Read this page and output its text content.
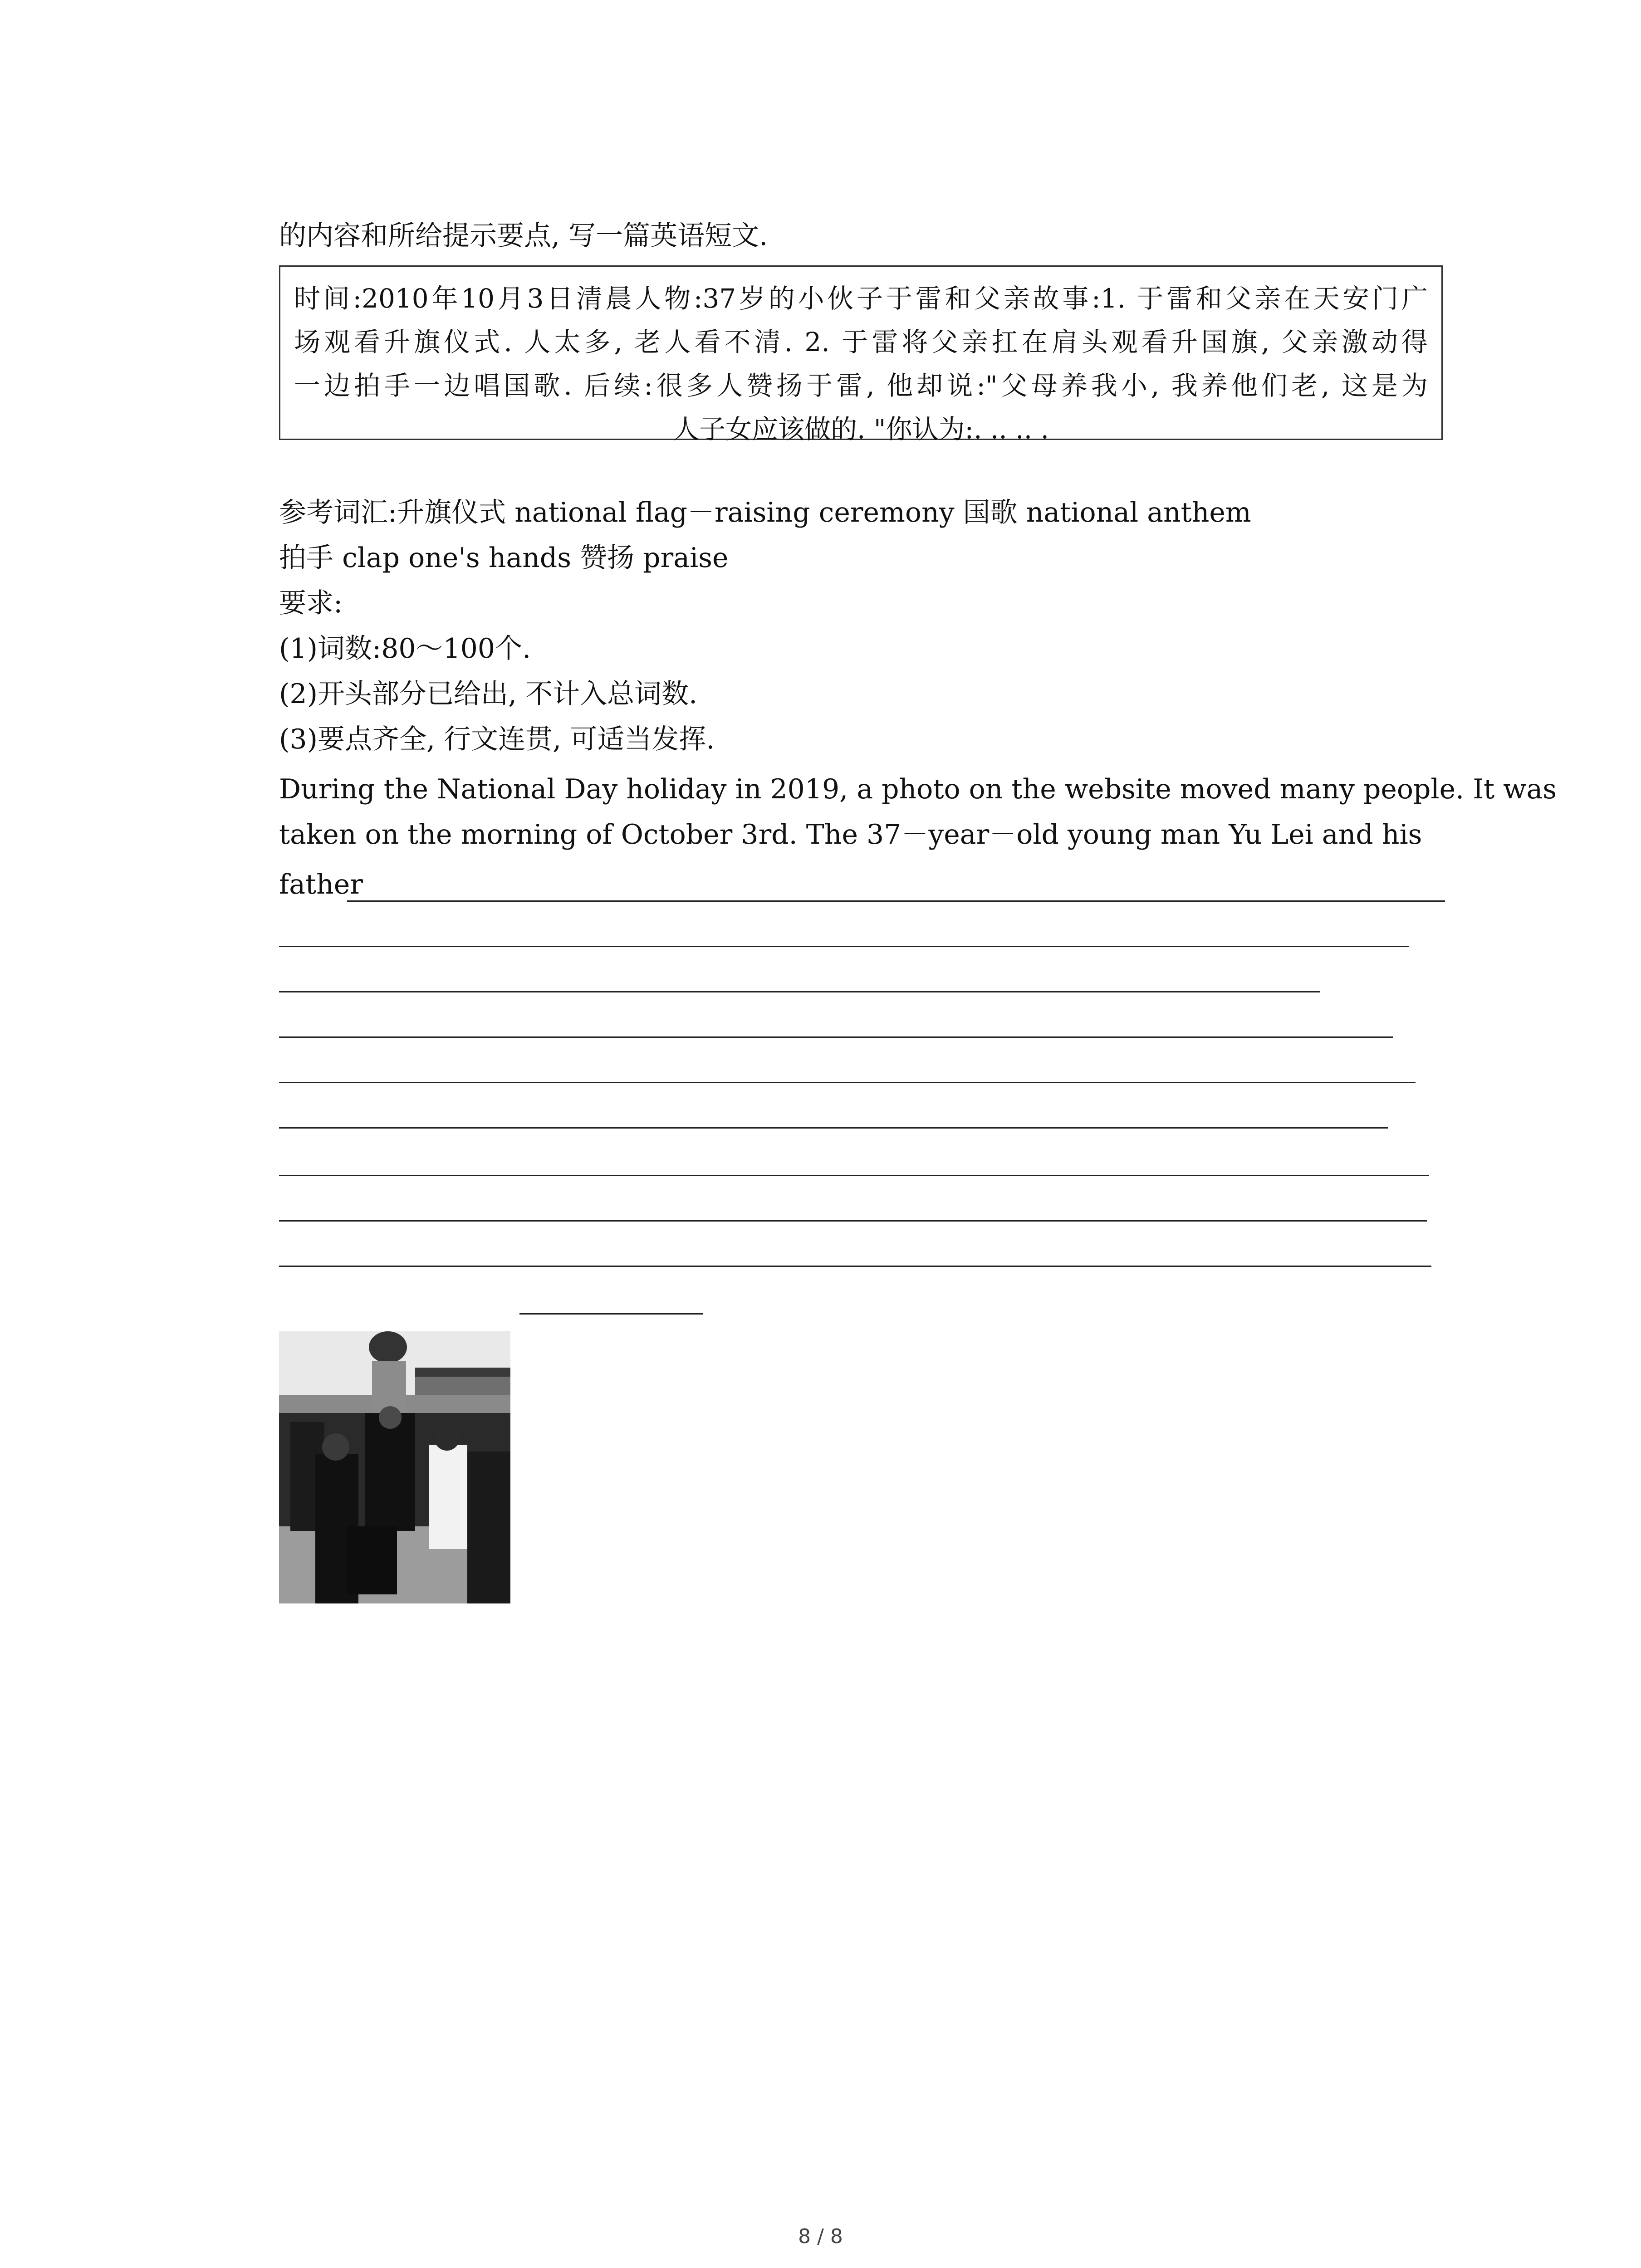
的内容和所给提示要点, 写一篇英语短文.
时间:2010年10月3日清晨人物:37岁的小伙子于雷和父亲故事:1. 于雷和父亲在天安门广
场观看升旗仪式. 人太多, 老人看不清. 2. 于雷将父亲扛在肩头观看升国旗, 父亲激动得
一边拍手一边唱国歌. 后续:很多人赞扬于雷, 他却说:"父母养我小, 我养他们老, 这是为
人子女应该做的. "你认为:. .. .. .
参考词汇:升旗仪式 national flag－raising ceremony 国歌 national anthem
拍手 clap one's hands 赞扬 praise
要求:
(1)词数:80～100个.
(2)开头部分已给出, 不计入总词数.
(3)要点齐全, 行文连贯, 可适当发挥.
During the National Day holiday in 2019, a photo on the website moved many people. It was
taken on the morning of October 3rd. The 37－year－old young man Yu Lei and his
father
8 / 8
